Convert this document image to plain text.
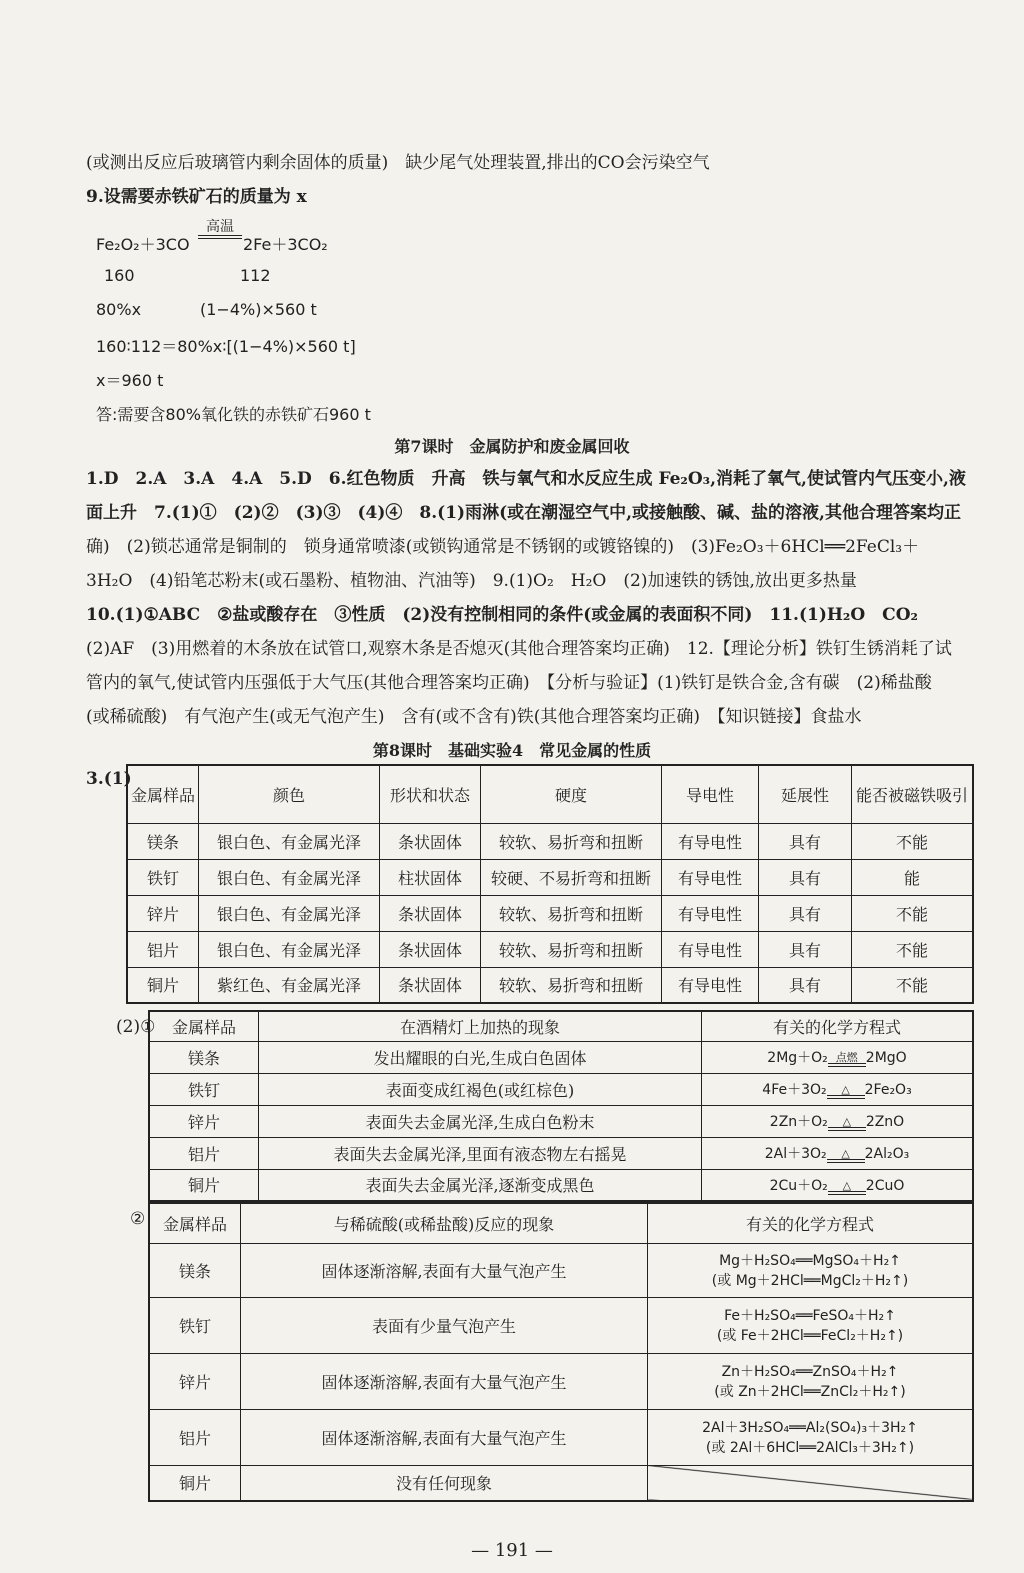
(或测出反应后玻璃管内剩余固体的质量)　缺少尾气处理装置,排出的CO会污染空气
9.设需要赤铁矿石的质量为 x
Fe₂O₂＋3CO
高温
2Fe＋3CO₂
160	112
80%x	(1−4%)×560 t
160∶112＝80%x∶[(1−4%)×560 t]
x＝960 t
答:需要含80%氧化铁的赤铁矿石960 t
第7课时　金属防护和废金属回收
1.D　2.A　3.A　4.A　5.D　6.红色物质　升高　铁与氧气和水反应生成 Fe₂O₃,消耗了氧气,使试管内气压变小,液
面上升　7.(1)①　(2)②　(3)③　(4)④　8.(1)雨淋(或在潮湿空气中,或接触酸、碱、盐的溶液,其他合理答案均正
确)　(2)锁芯通常是铜制的　锁身通常喷漆(或锁钩通常是不锈钢的或镀铬镍的)　(3)Fe₂O₃＋6HCl══2FeCl₃＋
3H₂O　(4)铅笔芯粉末(或石墨粉、植物油、汽油等)　9.(1)O₂　H₂O　(2)加速铁的锈蚀,放出更多热量
10.(1)①ABC　②盐或酸存在　③性质　(2)没有控制相同的条件(或金属的表面积不同)　11.(1)H₂O　CO₂
(2)AF　(3)用燃着的木条放在试管口,观察木条是否熄灭(其他合理答案均正确)　12.【理论分析】铁钉生锈消耗了试
管内的氧气,使试管内压强低于大气压(其他合理答案均正确)　【分析与验证】(1)铁钉是铁合金,含有碳　(2)稀盐酸
(或稀硫酸)　有气泡产生(或无气泡产生)　含有(或不含有)铁(其他合理答案均正确)　【知识链接】食盐水
第8课时　基础实验4　常见金属的性质
3.(1)
金属样品	颜色	形状和状态	硬度	导电性	延展性	能否被磁铁吸引
镁条	银白色、有金属光泽	条状固体	较软、易折弯和扭断	有导电性	具有	不能
铁钉	银白色、有金属光泽	柱状固体	较硬、不易折弯和扭断	有导电性	具有	能
锌片	银白色、有金属光泽	条状固体	较软、易折弯和扭断	有导电性	具有	不能
铝片	银白色、有金属光泽	条状固体	较软、易折弯和扭断	有导电性	具有	不能
铜片	紫红色、有金属光泽	条状固体	较软、易折弯和扭断	有导电性	具有	不能
(2)①	金属样品	在酒精灯上加热的现象	有关的化学方程式
镁条	发出耀眼的白光,生成白色固体	2Mg＋O₂ 点燃 2MgO
铁钉	表面变成红褐色(或红棕色)	4Fe＋3O₂ △ 2Fe₂O₃
锌片	表面失去金属光泽,生成白色粉末	2Zn＋O₂ △ 2ZnO
铝片	表面失去金属光泽,里面有液态物左右摇晃	2Al＋3O₂ △ 2Al₂O₃
铜片	表面失去金属光泽,逐渐变成黑色	2Cu＋O₂ △ 2CuO
②	金属样品	与稀硫酸(或稀盐酸)反应的现象	有关的化学方程式
镁条	固体逐渐溶解,表面有大量气泡产生	Mg＋H₂SO₄══MgSO₄＋H₂↑
(或 Mg＋2HCl══MgCl₂＋H₂↑)

铁钉	表面有少量气泡产生	Fe＋H₂SO₄══FeSO₄＋H₂↑
(或 Fe＋2HCl══FeCl₂＋H₂↑)

锌片	固体逐渐溶解,表面有大量气泡产生	Zn＋H₂SO₄══ZnSO₄＋H₂↑
(或 Zn＋2HCl══ZnCl₂＋H₂↑)

铝片	固体逐渐溶解,表面有大量气泡产生	2Al＋3H₂SO₄══Al₂(SO₄)₃＋3H₂↑
(或 2Al＋6HCl══2AlCl₃＋3H₂↑)

铜片	没有任何现象	
— 191 —
